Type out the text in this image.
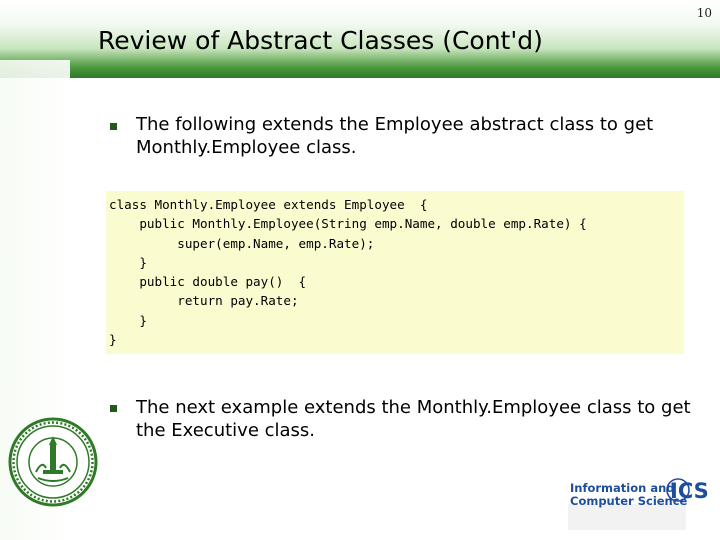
10
Review of Abstract Classes (Cont'd)
The following extends the Employee abstract class to get Monthly.Employee class.
class Monthly.Employee extends Employee  {
public Monthly.Employee(String emp.Name, double emp.Rate) {
super(emp.Name, emp.Rate);
}
public double pay()  {
return pay.Rate;
}
}
The next example extends the Monthly.Employee class to get the Executive class.
Information and
Computer Science
ICS
